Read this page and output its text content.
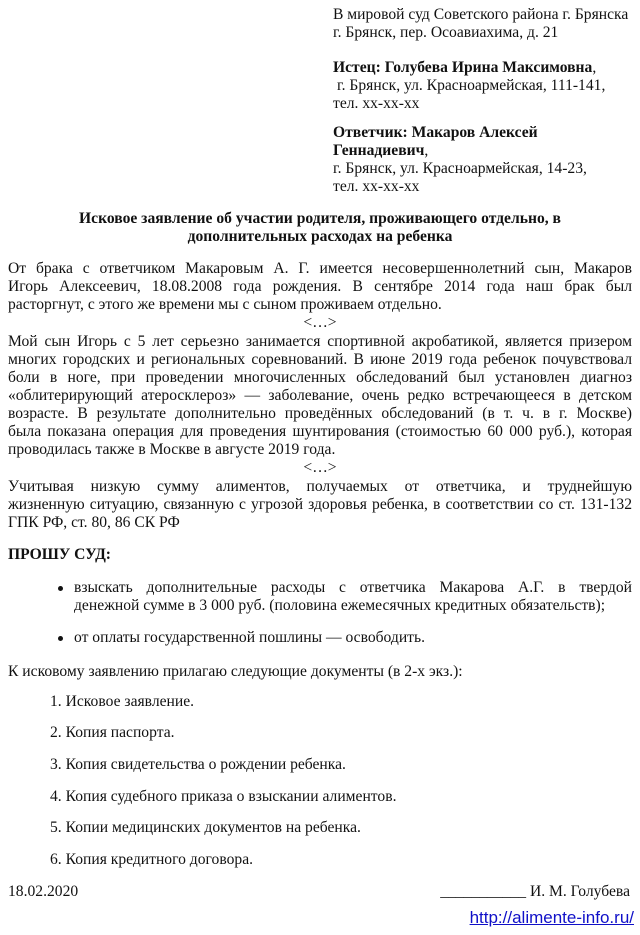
В мировой суд Советского района г. Брянска
г. Брянск, пер. Осоавиахима, д. 21
Истец: Голубева Ирина Максимовна,
г. Брянск, ул. Красноармейская, 111-141,
тел. хх-хх-хх
Ответчик: Макаров Алексей
Геннадиевич,
г. Брянск, ул. Красноармейская, 14-23,
тел. хх-хх-хх
Исковое заявление об участии родителя, проживающего отдельно, в
дополнительных расходах на ребенка
От брака с ответчиком Макаровым А. Г. имеется несовершеннолетний сын, Макаров
Игорь Алексеевич, 18.08.2008 года рождения. В сентябре 2014 года наш брак был
расторгнут, с этого же времени мы с сыном проживаем отдельно.
<…>
Мой сын Игорь с 5 лет серьезно занимается спортивной акробатикой, является призером
многих городских и региональных соревнований. В июне 2019 года ребенок почувствовал
боли в ноге, при проведении многочисленных обследований был установлен диагноз
«облитерирующий атеросклероз» — заболевание, очень редко встречающееся в детском
возрасте. В результате дополнительно проведённых обследований (в т. ч. в г. Москве)
была показана операция для проведения шунтирования (стоимостью 60 000 руб.), которая
проводилась также в Москве в августе 2019 года.
<…>
Учитывая низкую сумму алиментов, получаемых от ответчика, и труднейшую
жизненную ситуацию, связанную с угрозой здоровья ребенка, в соответствии со ст. 131-132
ГПК РФ, ст. 80, 86 СК РФ
ПРОШУ СУД:
взыскать дополнительные расходы с ответчика Макарова А.Г. в твердой
денежной сумме в 3 000 руб. (половина ежемесячных кредитных обязательств);
от оплаты государственной пошлины — освободить.
К исковому заявлению прилагаю следующие документы (в 2-х экз.):
1. Исковое заявление.
2. Копия паспорта.
3. Копия свидетельства о рождении ребенка.
4. Копия судебного приказа о взыскании алиментов.
5. Копии медицинских документов на ребенка.
6. Копия кредитного договора.
18.02.2020	___________ И. М. Голубева
http://alimente-info.ru/
